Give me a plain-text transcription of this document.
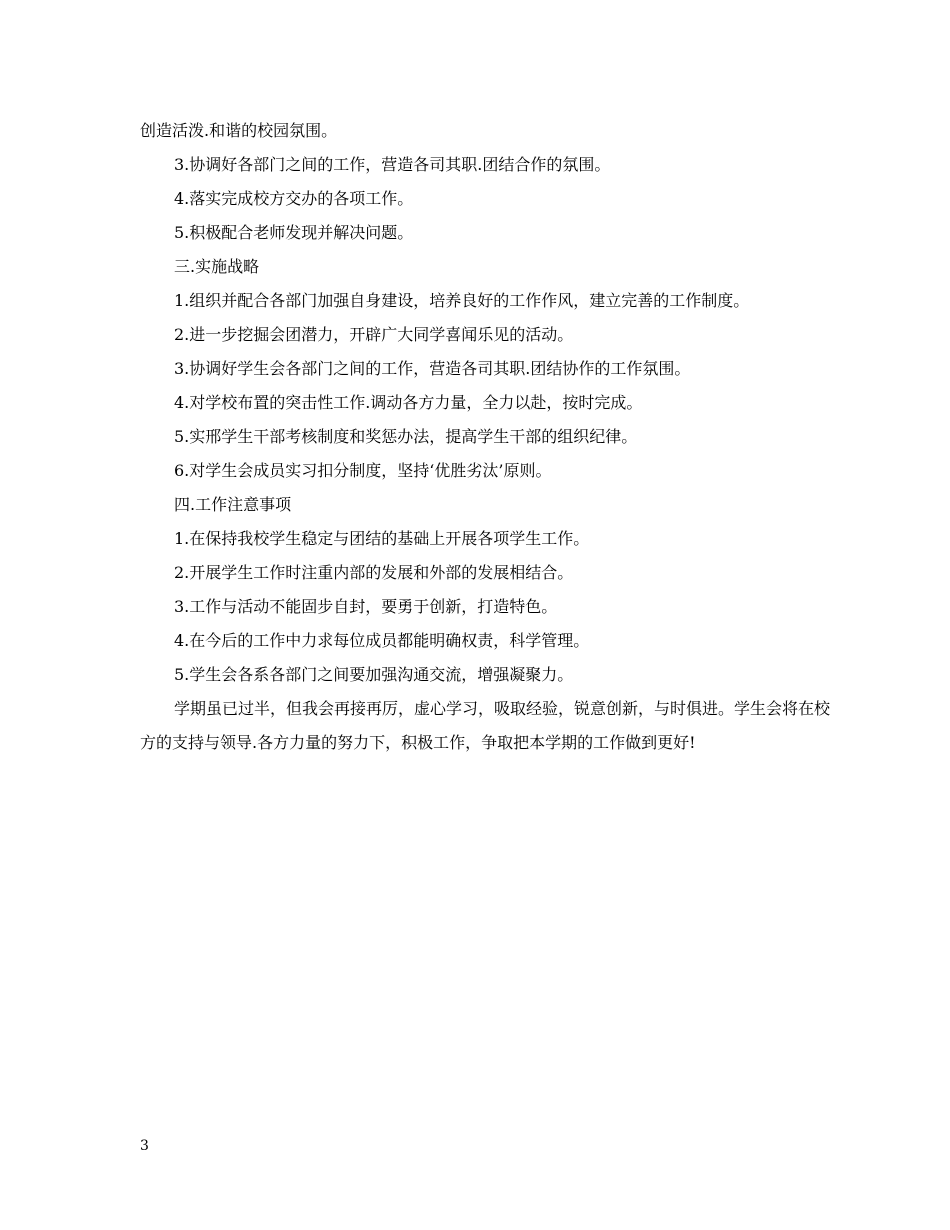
创造活泼.和谐的校园氛围。

3.协调好各部门之间的工作，营造各司其职.团结合作的氛围。

4.落实完成校方交办的各项工作。

5.积极配合老师发现并解决问题。

三.实施战略

1.组织并配合各部门加强自身建设，培养良好的工作作风，建立完善的工作制度。

2.进一步挖掘会团潜力，开辟广大同学喜闻乐见的活动。

3.协调好学生会各部门之间的工作，营造各司其职.团结协作的工作氛围。

4.对学校布置的突击性工作.调动各方力量，全力以赴，按时完成。

5.实邢学生干部考核制度和奖惩办法，提高学生干部的组织纪律。

6.对学生会成员实习扣分制度，坚持‘优胜劣汰’原则。

四.工作注意事项

1.在保持我校学生稳定与团结的基础上开展各项学生工作。

2.开展学生工作时注重内部的发展和外部的发展相结合。

3.工作与活动不能固步自封，要勇于创新，打造特色。

4.在今后的工作中力求每位成员都能明确权责，科学管理。

5.学生会各系各部门之间要加强沟通交流，增强凝聚力。

学期虽已过半，但我会再接再厉，虚心学习，吸取经验，锐意创新，与时俱进。学生会将在校方的支持与领导.各方力量的努力下，积极工作，争取把本学期的工作做到更好!

3
